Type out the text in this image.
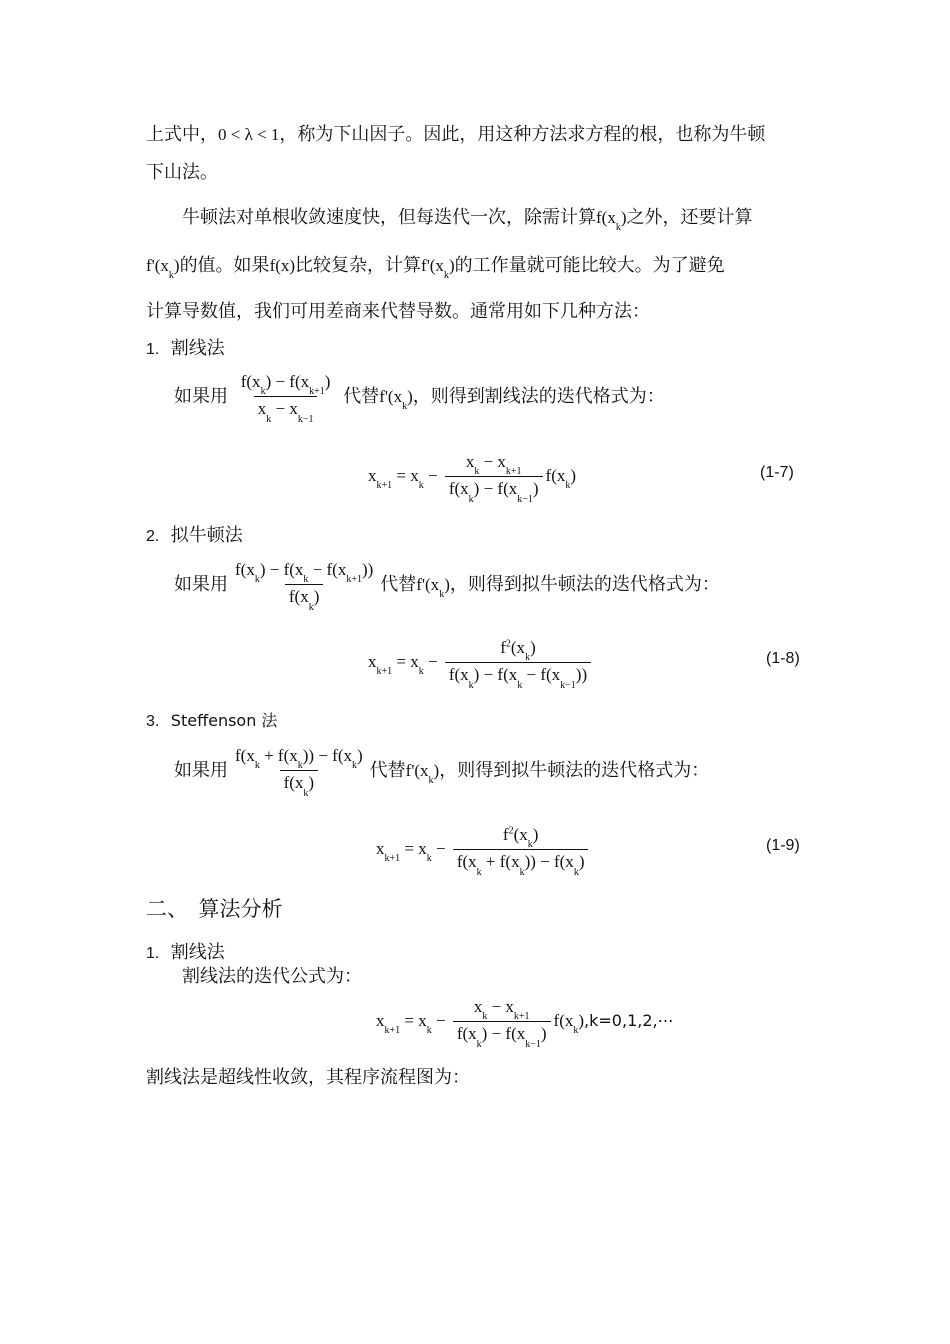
上式中，0 < λ < 1，称为下山因子。因此，用这种方法求方程的根，也称为牛顿
下山法。
牛顿法对单根收敛速度快，但每迭代一次，除需计算$f(x_k)$之外，还要计算
$f'(x_k)$的值。如果f(x)比较复杂，计算$f'(x_k)$的工作量就可能比较大。为了避免
计算导数值，我们可用差商来代替导数。通常用如下几种方法：
1. 割线法
如果用 $\frac{f(x_k) - f(x_{k+1})}{x_k - x_{k-1}}$ 代替$f'(x_k)$，则得到割线法的迭代格式为：
$x_{k+1} = x_k - \frac{x_k - x_{k+1}}{f(x_k) - f(x_{k-1})} f(x_k)$	(1-7)
2. 拟牛顿法
如果用 $\frac{f(x_k) - f(x_k - f(x_{k+1}))}{f(x_k)}$ 代替$f'(x_k)$，则得到拟牛顿法的迭代格式为：
$x_{k+1} = x_k - \frac{f^2(x_k)}{f(x_k) - f(x_k - f(x_{k-1}))}$	(1-8)
3. Steffenson 法
如果用 $\frac{f(x_k + f(x_k)) - f(x_k)}{f(x_k)}$ 代替$f'(x_k)$，则得到拟牛顿法的迭代格式为：
$x_{k+1} = x_k - \frac{f^2(x_k)}{f(x_k + f(x_k)) - f(x_k)}$	(1-9)
二、　算法分析
1. 割线法
割线法的迭代公式为：
$x_{k+1} = x_k - \frac{x_k - x_{k+1}}{f(x_k) - f(x_{k-1})}$ $f(x_k),k=0,1,2,\cdots$
割线法是超线性收敛，其程序流程图为：
